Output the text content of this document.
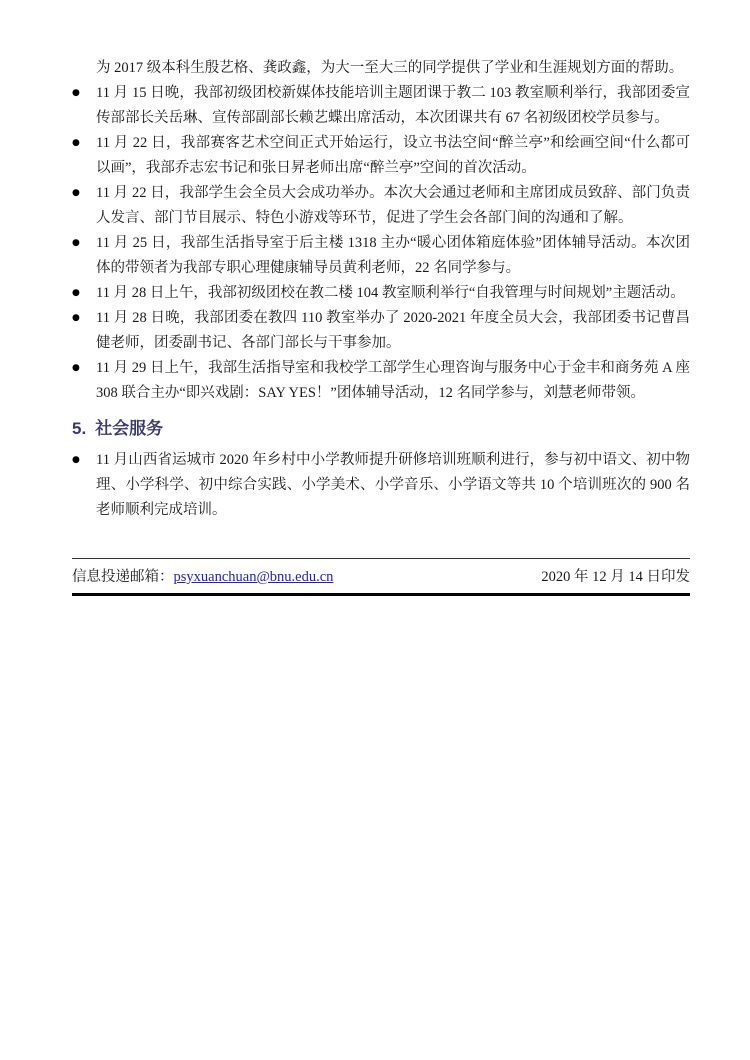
为 2017 级本科生殷艺格、龚政鑫，为大一至大三的同学提供了学业和生涯规划方面的帮助。

●	11 月 15 日晚，我部初级团校新媒体技能培训主题团课于教二 103 教室顺利举行，我部团委宣传部部长关岳琳、宣传部副部长赖艺蝶出席活动，本次团课共有 67 名初级团校学员参与。
●	11 月 22 日，我部赛客艺术空间正式开始运行，设立书法空间“醉兰亭”和绘画空间“什么都可以画”，我部乔志宏书记和张日昇老师出席“醉兰亭”空间的首次活动。
●	11 月 22 日，我部学生会全员大会成功举办。本次大会通过老师和主席团成员致辞、部门负责人发言、部门节目展示、特色小游戏等环节，促进了学生会各部门间的沟通和了解。
●	11 月 25 日，我部生活指导室于后主楼 1318 主办“暖心团体箱庭体验”团体辅导活动。本次团体的带领者为我部专职心理健康辅导员黄利老师，22 名同学参与。
●	11 月 28 日上午，我部初级团校在教二楼 104 教室顺利举行“自我管理与时间规划”主题活动。
●	11 月 28 日晚，我部团委在教四 110 教室举办了 2020-2021 年度全员大会，我部团委书记曹昌健老师，团委副书记、各部门部长与干事参加。
●	11 月 29 日上午，我部生活指导室和我校学工部学生心理咨询与服务中心于金丰和商务苑 A 座 308 联合主办“即兴戏剧：SAY YES！”团体辅导活动，12 名同学参与，刘慧老师带领。
5. 社会服务
●	11 月山西省运城市 2020 年乡村中小学教师提升研修培训班顺利进行，参与初中语文、初中物理、小学科学、初中综合实践、小学美术、小学音乐、小学语文等共 10 个培训班次的 900 名老师顺利完成培训。
信息投递邮箱：psyxuanchuan@bnu.edu.cn	2020 年 12 月 14 日印发
